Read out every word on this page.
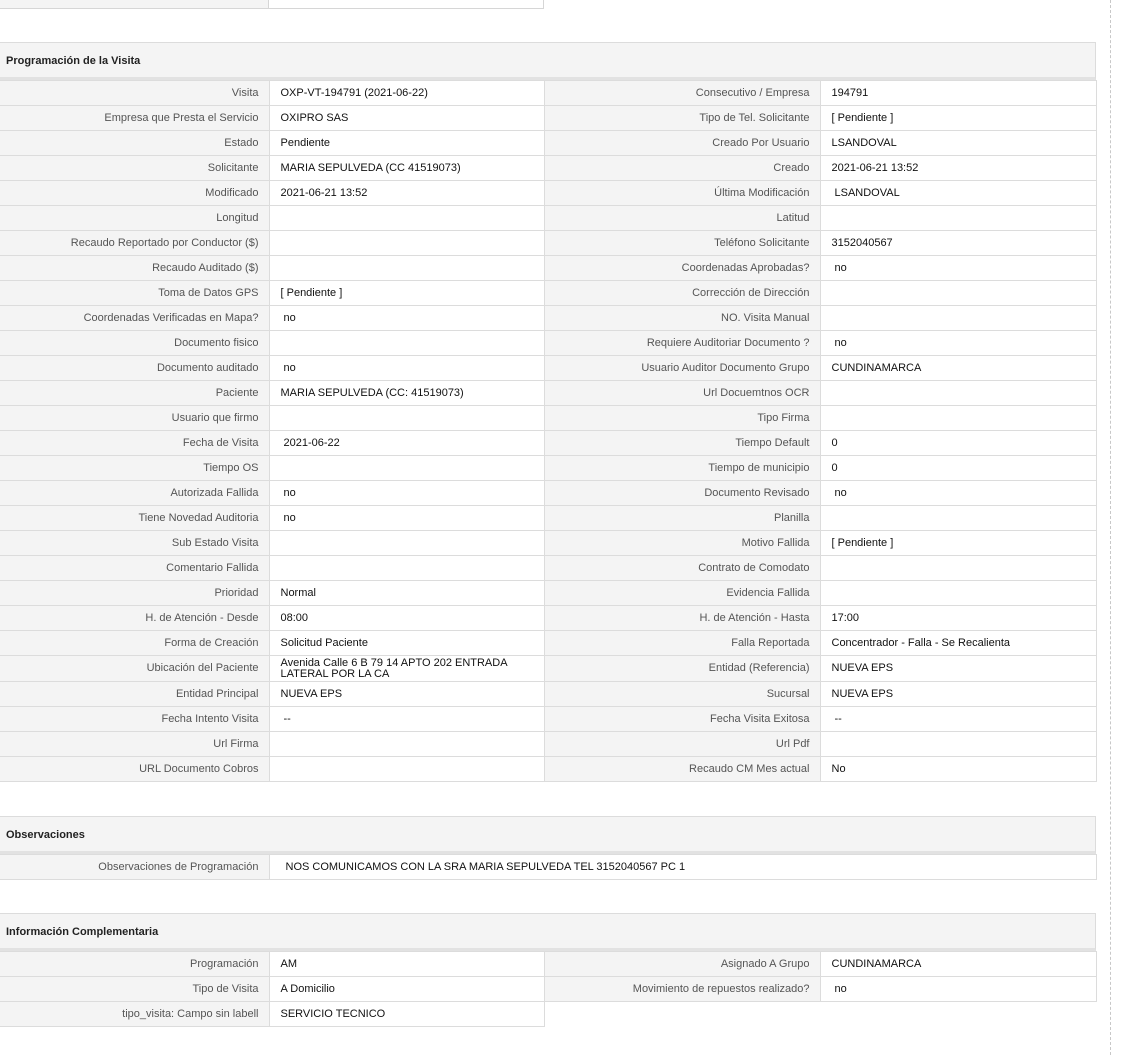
Programación de la Visita
Visita	OXP-VT-194791 (2021-06-22)	Consecutivo / Empresa	194791
Empresa que Presta el Servicio	OXIPRO SAS	Tipo de Tel. Solicitante	[ Pendiente ]
Estado	Pendiente	Creado Por Usuario	LSANDOVAL
Solicitante	MARIA SEPULVEDA (CC 41519073)	Creado	2021-06-21 13:52
Modificado	2021-06-21 13:52	Última Modificación	LSANDOVAL
Longitud		Latitud	
Recaudo Reportado por Conductor ($)		Teléfono Solicitante	3152040567
Recaudo Auditado ($)		Coordenadas Aprobadas?	no
Toma de Datos GPS	[ Pendiente ]	Corrección de Dirección	
Coordenadas Verificadas en Mapa?	no	NO. Visita Manual	
Documento fisico		Requiere Auditoriar Documento ?	no
Documento auditado	no	Usuario Auditor Documento Grupo	CUNDINAMARCA
Paciente	MARIA SEPULVEDA (CC: 41519073)	Url Docuemtnos OCR	
Usuario que firmo		Tipo Firma	
Fecha de Visita	2021-06-22	Tiempo Default	0
Tiempo OS		Tiempo de municipio	0
Autorizada Fallida	no	Documento Revisado	no
Tiene Novedad Auditoria	no	Planilla	
Sub Estado Visita		Motivo Fallida	[ Pendiente ]
Comentario Fallida		Contrato de Comodato	
Prioridad	Normal	Evidencia Fallida	
H. de Atención - Desde	08:00	H. de Atención - Hasta	17:00
Forma de Creación	Solicitud Paciente	Falla Reportada	Concentrador - Falla - Se Recalienta
Ubicación del Paciente	Avenida Calle 6 B 79 14 APTO 202 ENTRADA LATERAL POR LA CA	Entidad (Referencia)	NUEVA EPS
Entidad Principal	NUEVA EPS	Sucursal	NUEVA EPS
Fecha Intento Visita	--	Fecha Visita Exitosa	--
Url Firma		Url Pdf	
URL Documento Cobros		Recaudo CM Mes actual	No
Observaciones
Observaciones de Programación	NOS COMUNICAMOS CON LA SRA MARIA SEPULVEDA TEL 3152040567 PC 1
Información Complementaria
Programación	AM	Asignado A Grupo	CUNDINAMARCA
Tipo de Visita	A Domicilio	Movimiento de repuestos realizado?	no
tipo_visita: Campo sin labell	SERVICIO TECNICO		
